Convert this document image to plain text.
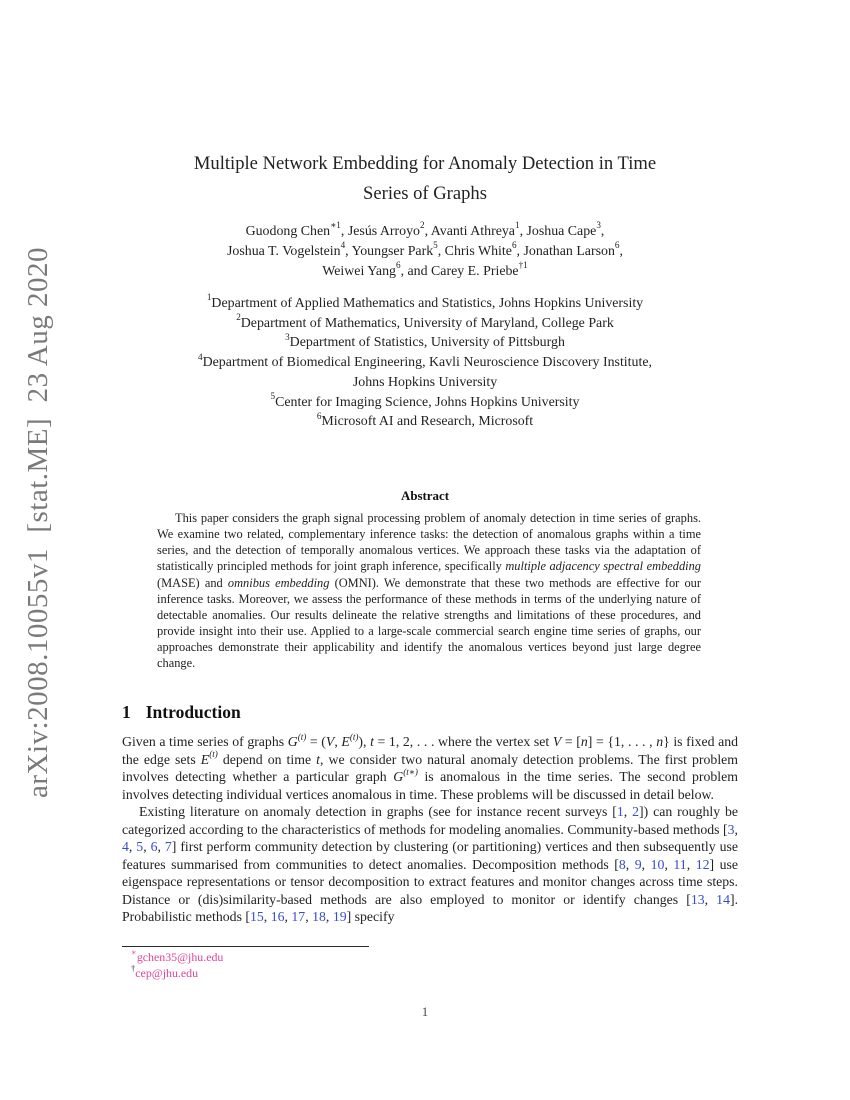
arXiv:2008.10055v1  [stat.ME]  23 Aug 2020
Multiple Network Embedding for Anomaly Detection in Time
Series of Graphs
Guodong Chen$^{∗1}$, Jesús Arroyo$^2$, Avanti Athreya$^1$, Joshua Cape$^3$,
Joshua T. Vogelstein$^4$, Youngser Park$^5$, Chris White$^6$, Jonathan Larson$^6$,
Weiwei Yang$^6$, and Carey E. Priebe$^{\dagger 1}$
$^1$Department of Applied Mathematics and Statistics, Johns Hopkins University
$^2$Department of Mathematics, University of Maryland, College Park
$^3$Department of Statistics, University of Pittsburgh
$^4$Department of Biomedical Engineering, Kavli Neuroscience Discovery Institute,
Johns Hopkins University
$^5$Center for Imaging Science, Johns Hopkins University
$^6$Microsoft AI and Research, Microsoft
Abstract
This paper considers the graph signal processing problem of anomaly detection in time series of graphs. We examine two related, complementary inference tasks: the detection of anomalous graphs within a time series, and the detection of temporally anomalous vertices. We approach these tasks via the adaptation of statistically principled methods for joint graph inference, specifically multiple adjacency spectral embedding (MASE) and omnibus embedding (OMNI). We demonstrate that these two methods are effective for our inference tasks. Moreover, we assess the performance of these methods in terms of the underlying nature of detectable anomalies. Our results delineate the relative strengths and limitations of these procedures, and provide insight into their use. Applied to a large-scale commercial search engine time series of graphs, our approaches demonstrate their applicability and identify the anomalous vertices beyond just large degree change.
1 Introduction

Given a time series of graphs $G^{(t)} = (V$, $E^{(t)}$), t = 1, 2, . . . where the vertex set V = [n] = {1, . . . , n} is fixed and the edge sets $E^{(t)}$ depend on time t, we consider two natural anomaly detection problems. The first problem involves detecting whether a particular graph $G^{(t∗)}$ is anomalous in the time series. The second problem involves detecting individual vertices anomalous in time. These problems will be discussed in detail below.

Existing literature on anomaly detection in graphs (see for instance recent surveys [1, 2]) can roughly be categorized according to the characteristics of methods for modeling anomalies. Community-based methods [3, 4, 5, 6, 7] first perform community detection by clustering (or partitioning) vertices and then subsequently use features summarised from communities to detect anomalies. Decomposition methods [8, 9, 10, 11, 12] use eigenspace representations or tensor decomposition to extract features and monitor changes across time steps. Distance or (dis)similarity-based methods are also employed to monitor or identify changes [13, 14]. Probabilistic methods [15, 16, 17, 18, 19] specify

∗gchen35@jhu.edu
†cep@jhu.edu
1
